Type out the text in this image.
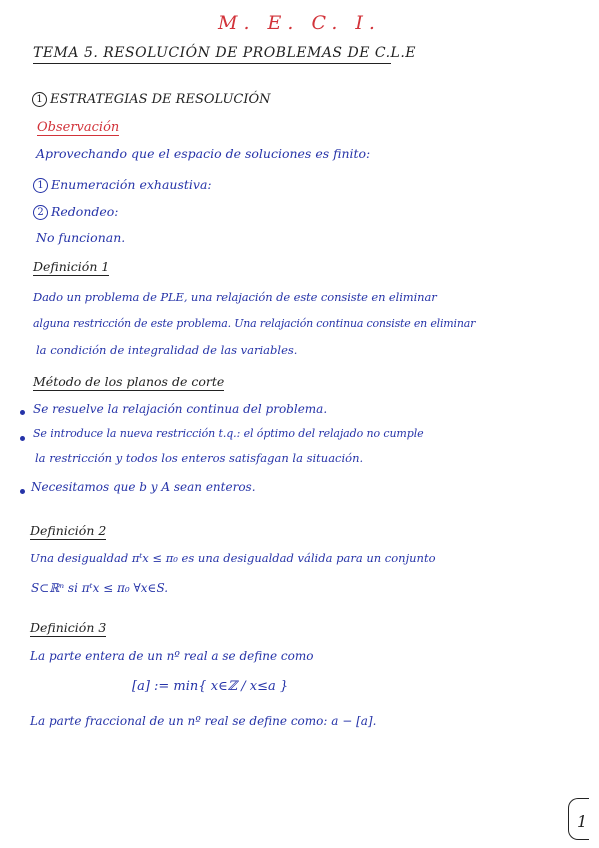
M. E. C. I.
TEMA 5. RESOLUCIÓN DE PROBLEMAS DE C.L.E
1 ESTRATEGIAS DE RESOLUCIÓN
Observación
Aprovechando que el espacio de soluciones es finito:
1 Enumeración exhaustiva:
2 Redondeo:
No funcionan.
Definición 1
Dado un problema de PLE, una relajación de este consiste en eliminar
alguna restricción de este problema. Una relajación continua consiste en eliminar
la condición de integralidad de las variables.
Método de los planos de corte
Se resuelve la relajación continua del problema.
Se introduce la nueva restricción t.q.: el óptimo del relajado no cumple
la restricción y todos los enteros satisfagan la situación.
Necesitamos que b y A sean enteros.
Definición 2
Una desigualdad πᵗx ≤ π₀ es una desigualdad válida para un conjunto
S⊂ℝⁿ si πᵗx ≤ π₀ ∀x∈S.
Definición 3
La parte entera de un nº real a se define como
[a] := min{ x∈ℤ / x≤a }
La parte fraccional de un nº real se define como: a − [a].
1
